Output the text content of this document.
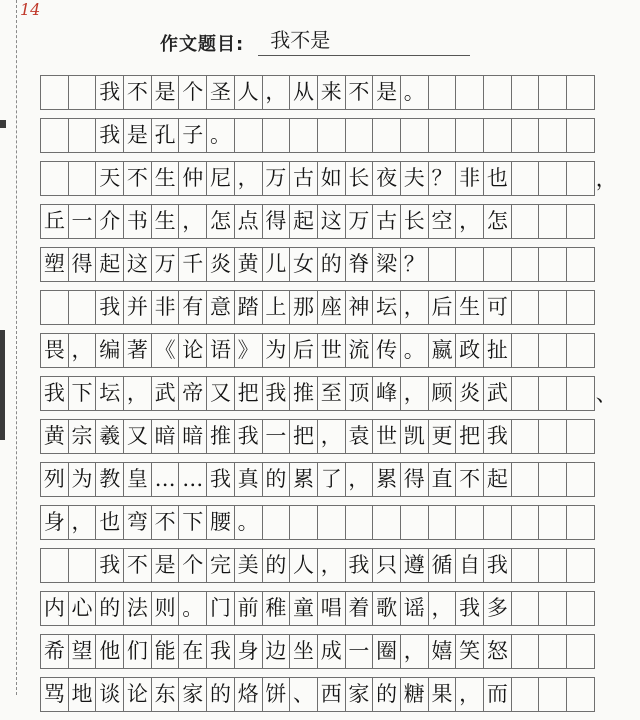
14
作文题目:	我不是
我 不 是 个 圣 人 ， 从 来 不 是 。
我 是 孔 子 。
天 不 生 仲 尼 ， 万 古 如 长 夜 夫 ？ 非 也	，
丘 一 介 书 生 ， 怎 点 得 起 这 万 古 长 空 ， 怎
塑 得 起 这 万 千 炎 黄 儿 女 的 脊 梁 ？
我 并 非 有 意 踏 上 那 座 神 坛 ， 后 生 可
畏 ， 编 著 《 论 语 》 为 后 世 流 传 。 嬴 政 扯
我 下 坛 ， 武 帝 又 把 我 推 至 顶 峰 ， 顾 炎 武	、
黄 宗 羲 又 暗 暗 推 我 一 把 ， 袁 世 凯 更 把 我
列 为 教 皇 … … 我 真 的 累 了 ， 累 得 直 不 起
身 ， 也 弯 不 下 腰 。
我 不 是 个 完 美 的 人 ， 我 只 遵 循 自 我
内 心 的 法 则 。 门 前 稚 童 唱 着 歌 谣 ， 我 多
希 望 他 们 能 在 我 身 边 坐 成 一 圈 ， 嬉 笑 怒
骂 地 谈 论 东 家 的 烙 饼 、 西 家 的 糖 果 ， 而
